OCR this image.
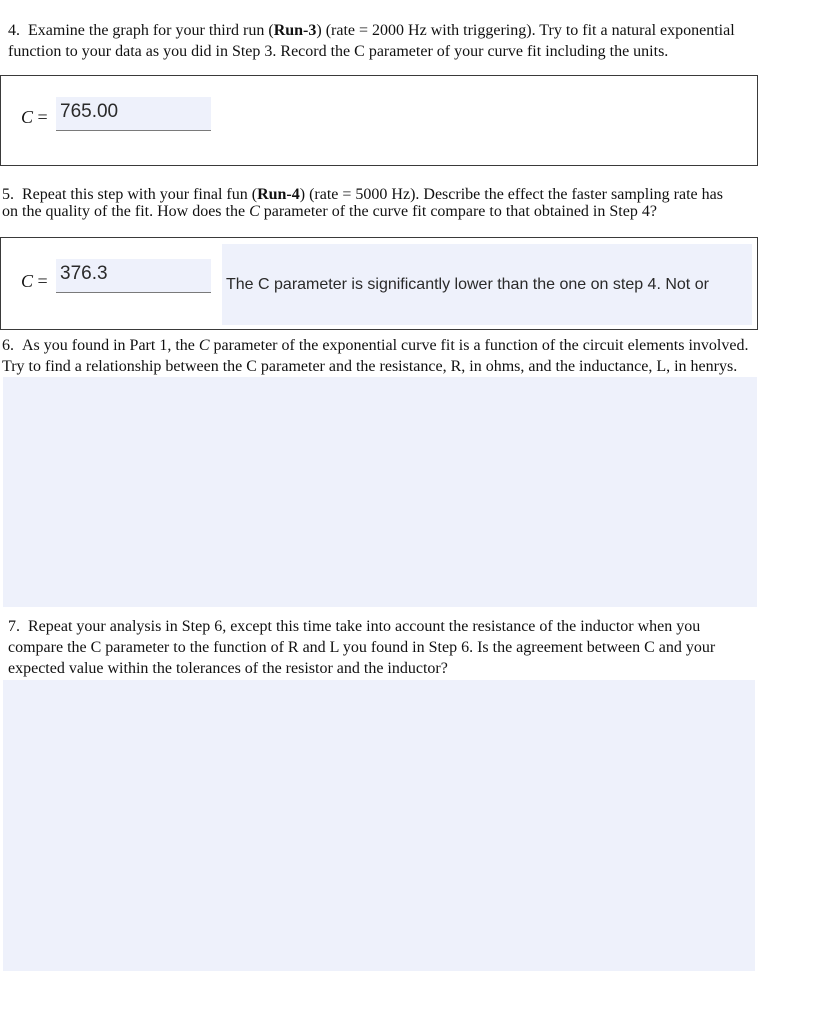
4. Examine the graph for your third run (Run-3) (rate = 2000 Hz with triggering). Try to fit a natural exponential

function to your data as you did in Step 3. Record the C parameter of your curve fit including the units.

C = 765.00

5. Repeat this step with your final fun (Run-4) (rate = 5000 Hz). Describe the effect the faster sampling rate has

on the quality of the fit. How does the C parameter of the curve fit compare to that obtained in Step 4?

C = 376.3
The C parameter is significantly lower than the one on step 4. Not or

6. As you found in Part 1, the C parameter of the exponential curve fit is a function of the circuit elements involved.

Try to find a relationship between the C parameter and the resistance, R, in ohms, and the inductance, L, in henrys.

7. Repeat your analysis in Step 6, except this time take into account the resistance of the inductor when you

compare the C parameter to the function of R and L you found in Step 6. Is the agreement between C and your

expected value within the tolerances of the resistor and the inductor?
